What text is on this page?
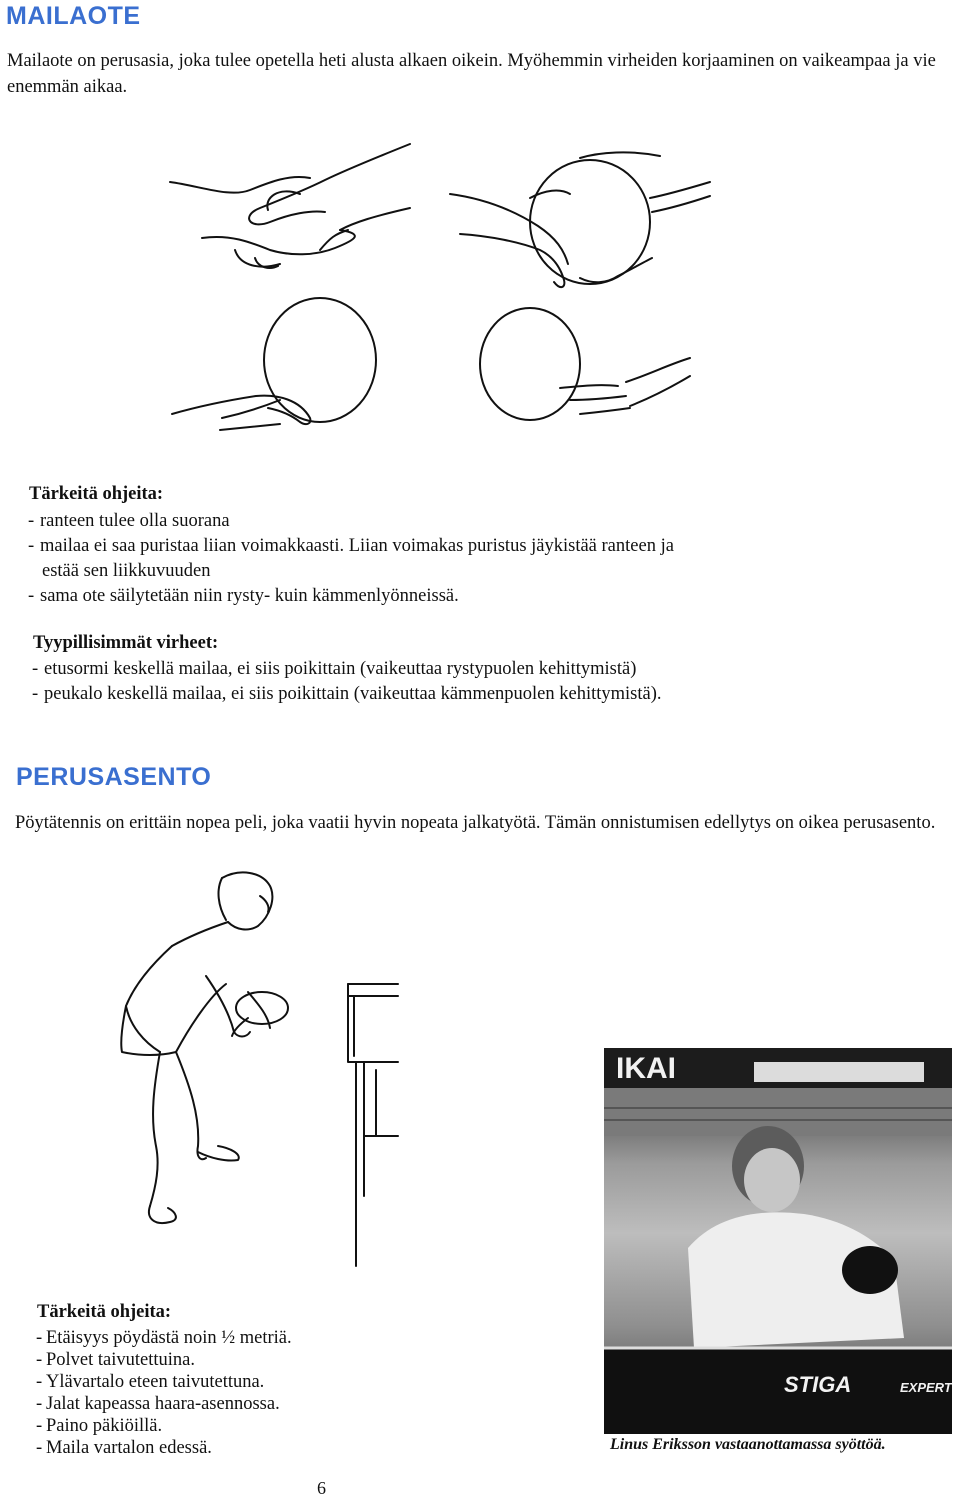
MAILAOTE

Mailaote on perusasia, joka tulee opetella heti alusta alkaen oikein. Myöhemmin virheiden korjaaminen on vaikeampaa ja vie enemmän aikaa.

Tärkeitä ohjeita:
- ranteen tulee olla suorana
- mailaa ei saa puristaa liian voimakkaasti. Liian voimakas puristus jäykistää ranteen ja
estää sen liikkuvuuden
- sama ote säilytetään niin rysty- kuin kämmenlyönneissä.
Tyypillisimmät virheet:
- etusormi keskellä mailaa, ei siis poikittain (vaikeuttaa rystypuolen kehittymistä)
- peukalo keskellä mailaa, ei siis poikittain (vaikeuttaa kämmenpuolen kehittymistä).
PERUSASENTO

Pöytätennis on erittäin nopea peli, joka vaatii hyvin nopeata jalkatyötä. Tämän onnistumisen edellytys on oikea perusasento.

IKAI
STIGA	EXPERT
Linus Eriksson vastaanottamassa syöttöä.
Tärkeitä ohjeita:
- Etäisyys pöydästä noin ½ metriä.
- Polvet taivutettuina.
- Ylävartalo eteen taivutettuna.
- Jalat kapeassa haara-asennossa.
- Paino päkiöillä.
- Maila vartalon edessä.
6
